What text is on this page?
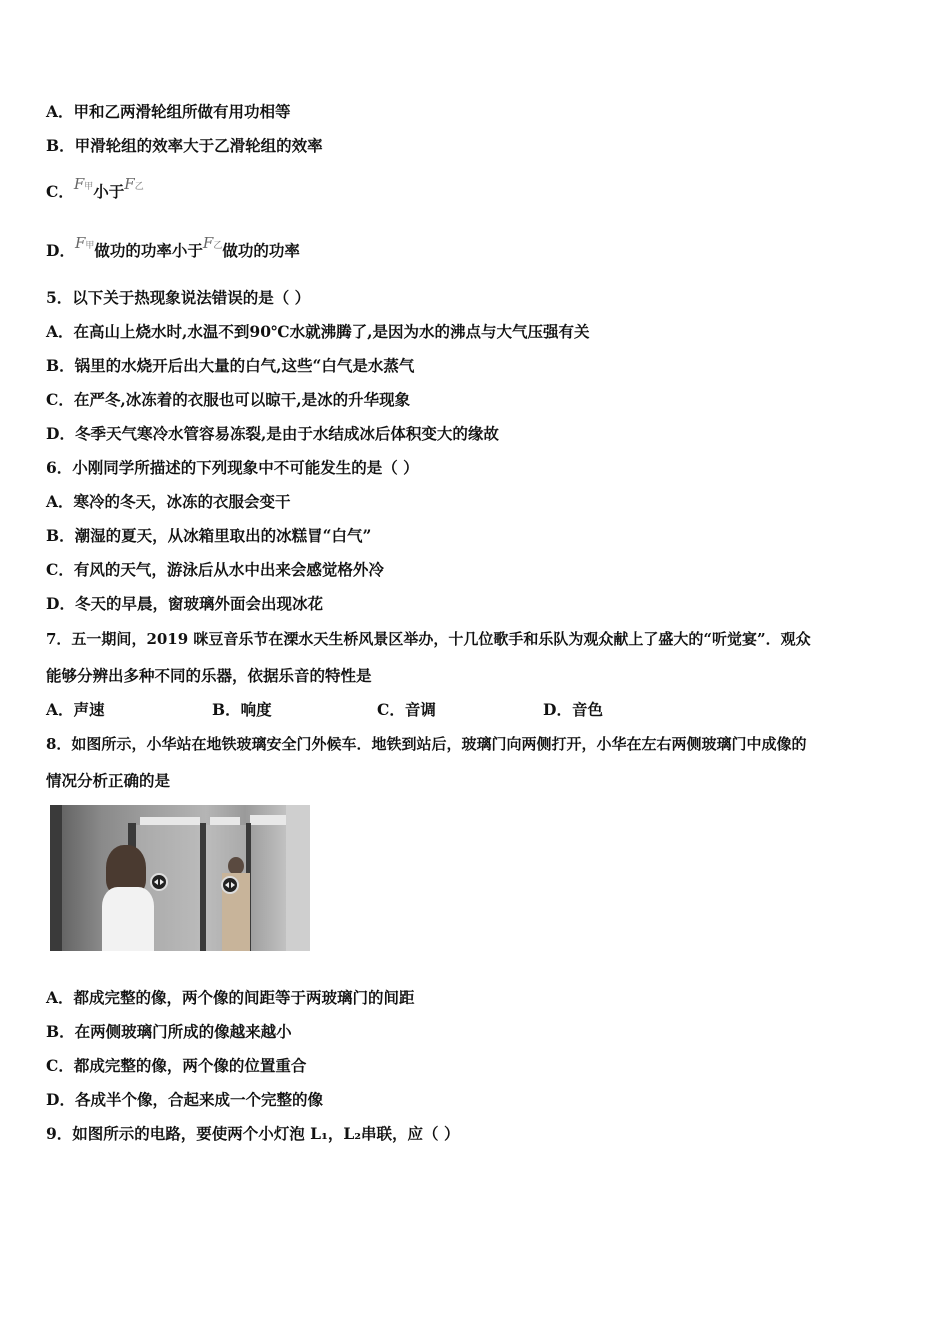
A．甲和乙两滑轮组所做有用功相等
B．甲滑轮组的效率大于乙滑轮组的效率
C．F甲小于F乙
D．F甲做功的功率小于F乙做功的功率
5．以下关于热现象说法错误的是（ ）
A．在高山上烧水时,水温不到90℃水就沸腾了,是因为水的沸点与大气压强有关
B．锅里的水烧开后出大量的白气,这些“白气是水蒸气
C．在严冬,冰冻着的衣服也可以晾干,是冰的升华现象
D．冬季天气寒冷水管容易冻裂,是由于水结成冰后体积变大的缘故
6．小刚同学所描述的下列现象中不可能发生的是（ ）
A．寒冷的冬天，冰冻的衣服会变干
B．潮湿的夏天，从冰箱里取出的冰糕冒“白气”
C．有风的天气，游泳后从水中出来会感觉格外冷
D．冬天的早晨，窗玻璃外面会出现冰花
7．五一期间，2019 咪豆音乐节在溧水天生桥风景区举办，十几位歌手和乐队为观众献上了盛大的“听觉宴”．观众
能够分辨出多种不同的乐器，依据乐音的特性是
A．声速	B．响度	C．音调	D．音色
8．如图所示，小华站在地铁玻璃安全门外候车．地铁到站后，玻璃门向两侧打开，小华在左右两侧玻璃门中成像的
情况分析正确的是
A．都成完整的像，两个像的间距等于两玻璃门的间距
B．在两侧玻璃门所成的像越来越小
C．都成完整的像，两个像的位置重合
D．各成半个像，合起来成一个完整的像
9．如图所示的电路，要使两个小灯泡 L₁，L₂串联，应（ ）
